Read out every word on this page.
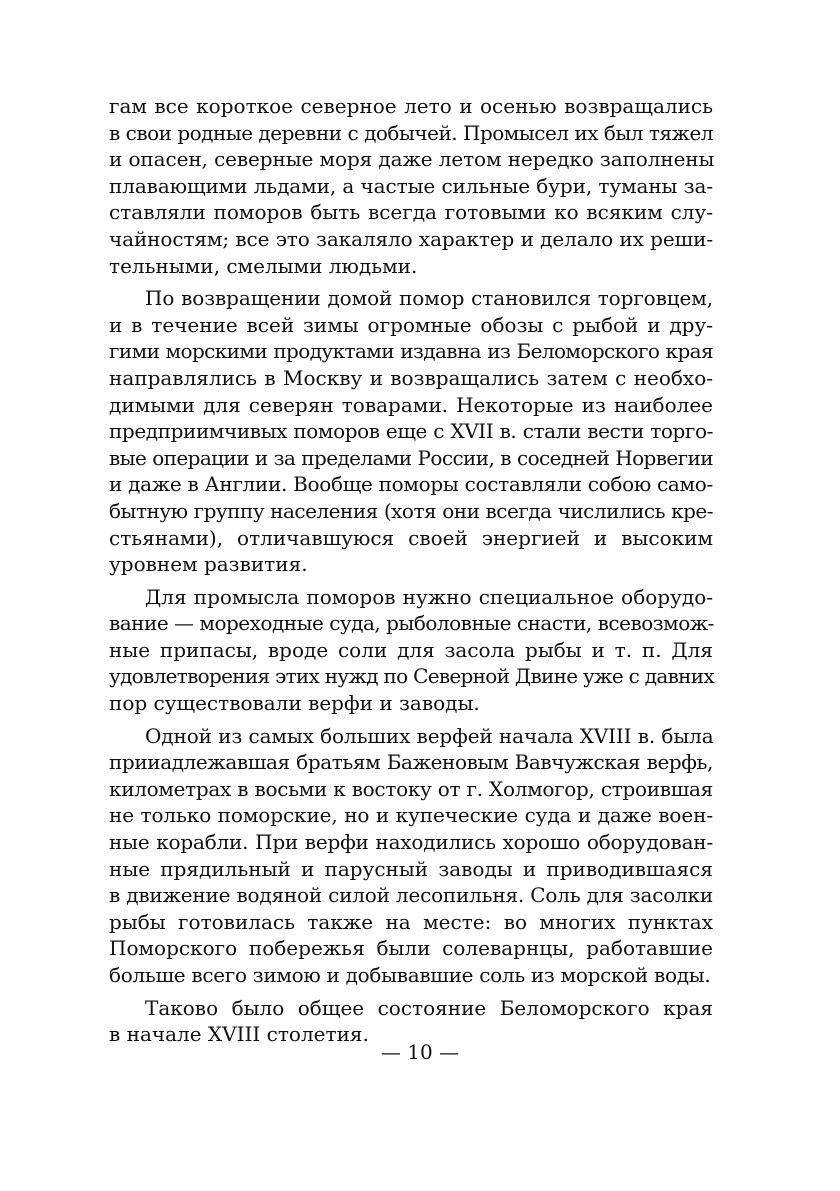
гам все короткое северное лето и осенью возвращались
в свои родные деревни с добычей. Промысел их был тяжел
и опасен, северные моря даже летом нередко заполнены
плавающими льдами, а частые сильные бури, туманы за-
ставляли поморов быть всегда готовыми ко всяким слу-
чайностям; все это закаляло характер и делало их реши-
тельными, смелыми людьми.
По возвращении домой помор становился торговцем,
и в течение всей зимы огромные обозы с рыбой и дру-
гими морскими продуктами издавна из Беломорского края
направлялись в Москву и возвращались затем с необхо-
димыми для северян товарами. Некоторые из наиболее
предприимчивых поморов еще с XVII в. стали вести торго-
вые операции и за пределами России, в соседней Норвегии
и даже в Англии. Вообще поморы составляли собою само-
бытную группу населения (хотя они всегда числились кре-
стьянами), отличавшуюся своей энергией и высоким
уровнем развития.
Для промысла поморов нужно специальное оборудо-
вание — мореходные суда, рыболовные снасти, всевозмож-
ные припасы, вроде соли для засола рыбы и т. п. Для
удовлетворения этих нужд по Северной Двине уже с давних
пор существовали верфи и заводы.
Одной из самых больших верфей начала XVIII в. была
прииадлежавшая братьям Баженовым Вавчужская верфь,
километрах в восьми к востоку от г. Холмогор, строившая
не только поморские, но и купеческие суда и даже воен-
ные корабли. При верфи находились хорошо оборудован-
ные прядильный и парусный заводы и приводившаяся
в движение водяной силой лесопильня. Соль для засолки
рыбы готовилась также на месте: во многих пунктах
Поморского побережья были солеварнцы, работавшие
больше всего зимою и добывавшие соль из морской воды.
Таково было общее состояние Беломорского края
в начале XVIII столетия.
— 10 —
